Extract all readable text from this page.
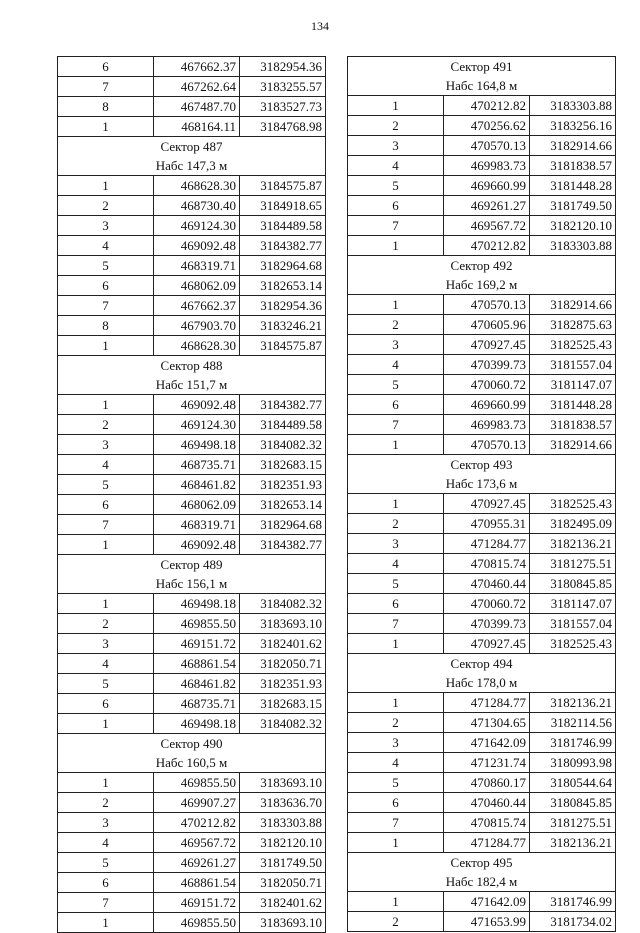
134
6	467662.37	3182954.36
7	467262.64	3183255.57
8	467487.70	3183527.73
1	468164.11	3184768.98
Сектор 487		
Набс 147,3 м		
1	468628.30	3184575.87
2	468730.40	3184918.65
3	469124.30	3184489.58
4	469092.48	3184382.77
5	468319.71	3182964.68
6	468062.09	3182653.14
7	467662.37	3182954.36
8	467903.70	3183246.21
1	468628.30	3184575.87
Сектор 488		
Набс 151,7 м		
1	469092.48	3184382.77
2	469124.30	3184489.58
3	469498.18	3184082.32
4	468735.71	3182683.15
5	468461.82	3182351.93
6	468062.09	3182653.14
7	468319.71	3182964.68
1	469092.48	3184382.77
Сектор 489		
Набс 156,1 м		
1	469498.18	3184082.32
2	469855.50	3183693.10
3	469151.72	3182401.62
4	468861.54	3182050.71
5	468461.82	3182351.93
6	468735.71	3182683.15
1	469498.18	3184082.32
Сектор 490		
Набс 160,5 м		
1	469855.50	3183693.10
2	469907.27	3183636.70
3	470212.82	3183303.88
4	469567.72	3182120.10
5	469261.27	3181749.50
6	468861.54	3182050.71
7	469151.72	3182401.62
1	469855.50	3183693.10
Сектор 491		
Набс 164,8 м		
1	470212.82	3183303.88
2	470256.62	3183256.16
3	470570.13	3182914.66
4	469983.73	3181838.57
5	469660.99	3181448.28
6	469261.27	3181749.50
7	469567.72	3182120.10
1	470212.82	3183303.88
Сектор 492		
Набс 169,2 м		
1	470570.13	3182914.66
2	470605.96	3182875.63
3	470927.45	3182525.43
4	470399.73	3181557.04
5	470060.72	3181147.07
6	469660.99	3181448.28
7	469983.73	3181838.57
1	470570.13	3182914.66
Сектор 493		
Набс 173,6 м		
1	470927.45	3182525.43
2	470955.31	3182495.09
3	471284.77	3182136.21
4	470815.74	3181275.51
5	470460.44	3180845.85
6	470060.72	3181147.07
7	470399.73	3181557.04
1	470927.45	3182525.43
Сектор 494		
Набс 178,0 м		
1	471284.77	3182136.21
2	471304.65	3182114.56
3	471642.09	3181746.99
4	471231.74	3180993.98
5	470860.17	3180544.64
6	470460.44	3180845.85
7	470815.74	3181275.51
1	471284.77	3182136.21
Сектор 495		
Набс 182,4 м		
1	471642.09	3181746.99
2	471653.99	3181734.02
